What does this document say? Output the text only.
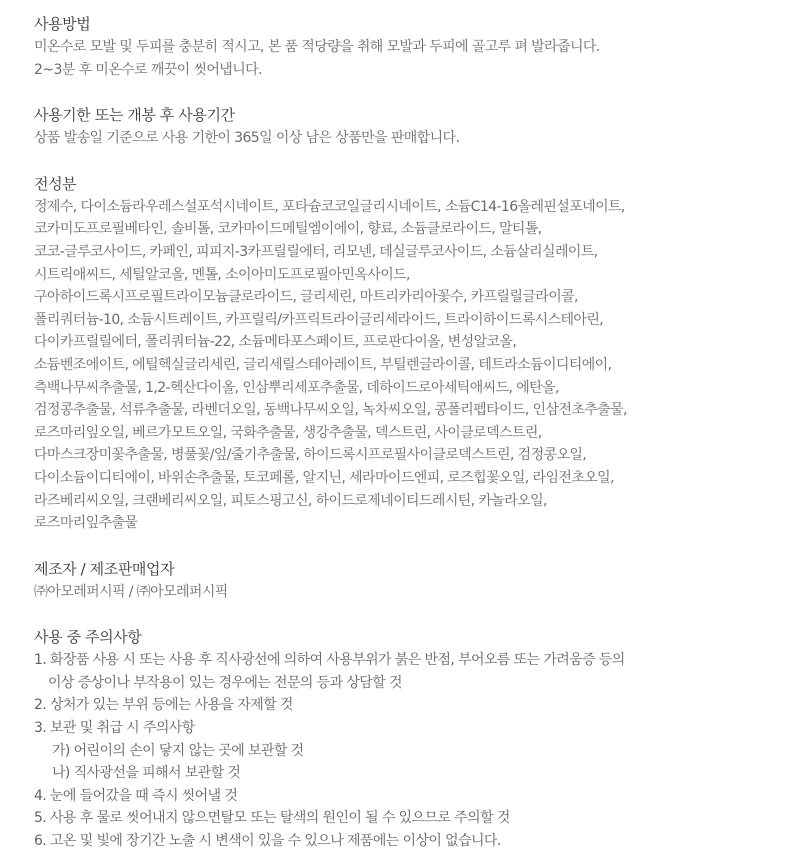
사용방법

미온수로 모발 및 두피를 충분히 적시고, 본 품 적당량을 취해 모발과 두피에 골고루 펴 발라줍니다.

2~3분 후 미온수로 깨끗이 씻어냅니다.

사용기한 또는 개봉 후 사용기간

상품 발송일 기준으로 사용 기한이 365일 이상 남은 상품만을 판매합니다.

전성분

정제수, 다이소듐라우레스설포석시네이트, 포타슘코코일글리시네이트, 소듐C14-16올레핀설포네이트,

코카미도프로필베타인, 솔비톨, 코카마이드메틸엠이에이, 향료, 소듐클로라이드, 말티톨,

코코-글루코사이드, 카페인, 피피지-3카프릴릴에터, 리모넨, 데실글루코사이드, 소듐살리실레이트,

시트릭애씨드, 세틸알코올, 멘톨, 소이아미도프로필아민옥사이드,

구아하이드록시프로필트라이모늄클로라이드, 글리세린, 마트리카리아꽃수, 카프릴릴글라이콜,

폴리쿼터늄-10, 소듐시트레이트, 카프릴릭/카프릭트라이글리세라이드, 트라이하이드록시스테아린,

다이카프릴릴에터, 폴리쿼터늄-22, 소듐메타포스페이트, 프로판다이올, 변성알코올,

소듐벤조에이트, 에틸헥실글리세린, 글리세릴스테아레이트, 부틸렌글라이콜, 테트라소듐이디티에이,

측백나무씨추출물, 1,2-헥산다이올, 인삼뿌리세포추출물, 데하이드로아세틱애씨드, 에탄올,

검정콩추출물, 석류추출물, 라벤더오일, 동백나무씨오일, 녹차씨오일, 콩폴리펩타이드, 인삼전초추출물,

로즈마리잎오일, 베르가모트오일, 국화추출물, 생강추출물, 덱스트린, 사이클로덱스트린,

다마스크장미꽃추출물, 병풀꽃/잎/줄기추출물, 하이드록시프로필사이클로덱스트린, 검정콩오일,

다이소듐이디티에이, 바위손추출물, 토코페롤, 알지닌, 세라마이드엔피, 로즈힙꽃오일, 라임전초오일,

라즈베리씨오일, 크랜베리씨오일, 피토스핑고신, 하이드로제네이티드레시틴, 카놀라오일,

로즈마리잎추출물

제조자 / 제조판매업자

㈜아모레퍼시픽 / ㈜아모레퍼시픽

사용 중 주의사항

1. 화장품 사용 시 또는 사용 후 직사광선에 의하여 사용부위가 붉은 반점, 부어오름 또는 가려움증 등의

이상 증상이나 부작용이 있는 경우에는 전문의 등과 상담할 것

2. 상처가 있는 부위 등에는 사용을 자제할 것

3. 보관 및 취급 시 주의사항

가) 어린이의 손이 닿지 않는 곳에 보관할 것

나) 직사광선을 피해서 보관할 것

4. 눈에 들어갔을 때 즉시 씻어낼 것

5. 사용 후 물로 씻어내지 않으면탈모 또는 탈색의 원인이 될 수 있으므로 주의할 것

6. 고온 및 빛에 장기간 노출 시 변색이 있을 수 있으나 제품에는 이상이 없습니다.
